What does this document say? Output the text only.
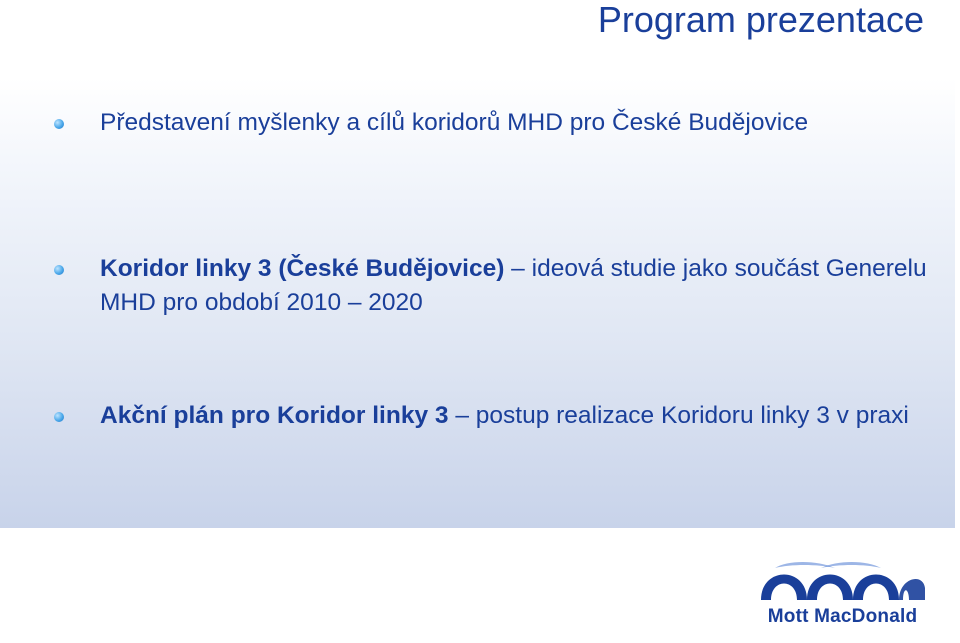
Program prezentace
Představení myšlenky a cílů koridorů MHD pro České Budějovice
Koridor linky 3 (České Budějovice) – ideová studie jako součást Generelu MHD pro období 2010 – 2020
Akční plán pro Koridor linky 3 – postup realizace Koridoru linky 3 v praxi
Mott MacDonald
